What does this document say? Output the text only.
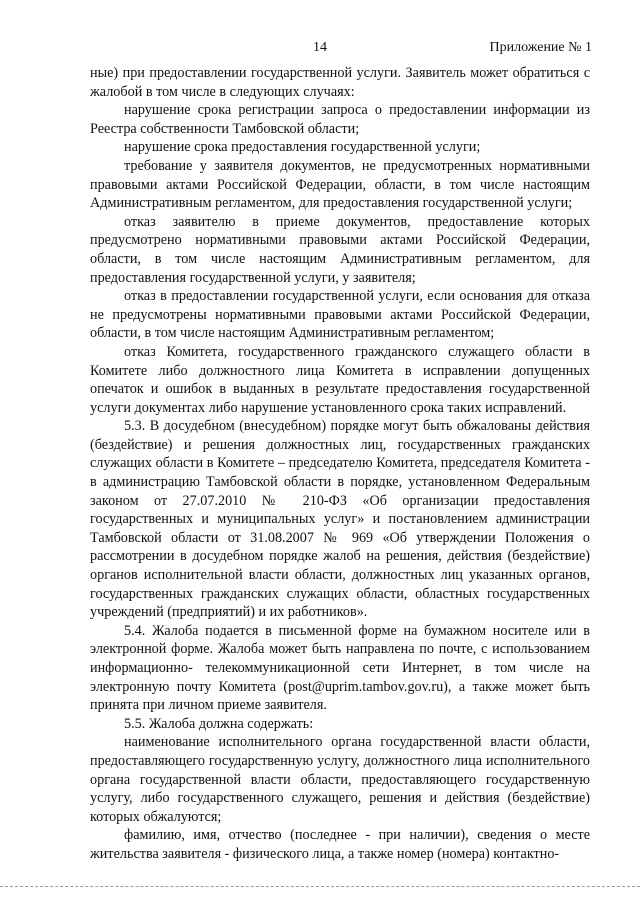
14	Приложение № 1

ные) при предоставлении государственной услуги. Заявитель может обратиться с жалобой в том числе в следующих случаях:

нарушение срока регистрации запроса о предоставлении информации из Реестра собственности Тамбовской области;

нарушение срока предоставления государственной услуги;

требование у заявителя документов, не предусмотренных нормативными правовыми актами Российской Федерации, области, в том числе настоящим Административным регламентом, для предоставления государственной услуги;

отказ заявителю в приеме документов, предоставление которых предусмотрено нормативными правовыми актами Российской Федерации, области, в том числе настоящим Административным регламентом, для предоставления государственной услуги, у заявителя;

отказ в предоставлении государственной услуги, если основания для отказа не предусмотрены нормативными правовыми актами Российской Федерации, области, в том числе настоящим Административным регламентом;

отказ Комитета, государственного гражданского служащего области в Комитете либо должностного лица Комитета в исправлении допущенных опечаток и ошибок в выданных в результате предоставления государственной услуги документах либо нарушение установленного срока таких исправлений.

5.3. В досудебном (внесудебном) порядке могут быть обжалованы действия (бездействие) и решения должностных лиц, государственных гражданских служащих области в Комитете – председателю Комитета, председателя Комитета - в администрацию Тамбовской области в порядке, установленном Федеральным законом от 27.07.2010 № 210-ФЗ «Об организации предоставления государственных и муниципальных услуг» и постановлением администрации Тамбовской области от 31.08.2007 № 969 «Об утверждении Положения о рассмотрении в досудебном порядке жалоб на решения, действия (бездействие) органов исполнительной власти области, должностных лиц указанных органов, государственных гражданских служащих области, областных государственных учреждений (предприятий) и их работников».

5.4. Жалоба подается в письменной форме на бумажном носителе или в электронной форме. Жалоба может быть направлена по почте, с использованием информационно- телекоммуникационной сети Интернет, в том числе на электронную почту Комитета (post@uprim.tambov.gov.ru), а также может быть принята при личном приеме заявителя.

5.5. Жалоба должна содержать:

наименование исполнительного органа государственной власти области, предоставляющего государственную услугу, должностного лица исполнительного органа государственной власти области, предоставляющего государственную услугу, либо государственного служащего, решения и действия (бездействие) которых обжалуются;

фамилию, имя, отчество (последнее - при наличии), сведения о месте жительства заявителя - физического лица, а также номер (номера) контактно-
